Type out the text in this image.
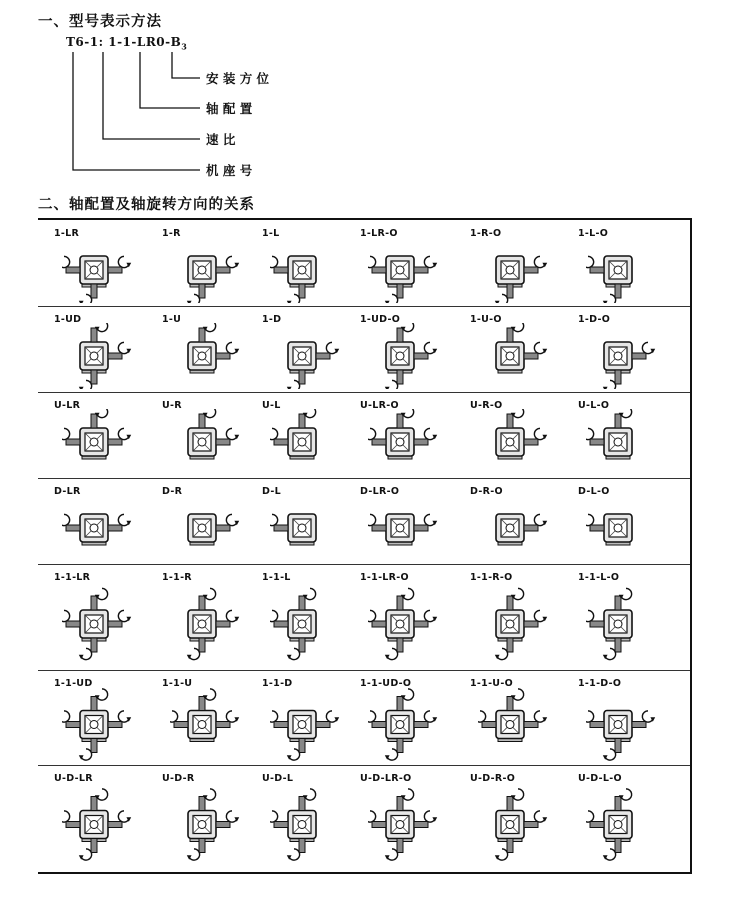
一、型号表示方法
T6-1: $1-1-LR0-B_3$
安 装 方 位
轴 配 置
速 比
机 座 号
二、轴配置及轴旋转方向的关系
1-LR	1-R	1-L	1-LR-O	1-R-O	1-L-O
1-UD	1-U	1-D	1-UD-O	1-U-O	1-D-O
U-LR	U-R	U-L	U-LR-O	U-R-O	U-L-O
D-LR	D-R	D-L	D-LR-O	D-R-O	D-L-O
1-1-LR	1-1-R	1-1-L	1-1-LR-O	1-1-R-O	1-1-L-O
1-1-UD	1-1-U	1-1-D	1-1-UD-O	1-1-U-O	1-1-D-O
U-D-LR	U-D-R	U-D-L	U-D-LR-O	U-D-R-O	U-D-L-O
